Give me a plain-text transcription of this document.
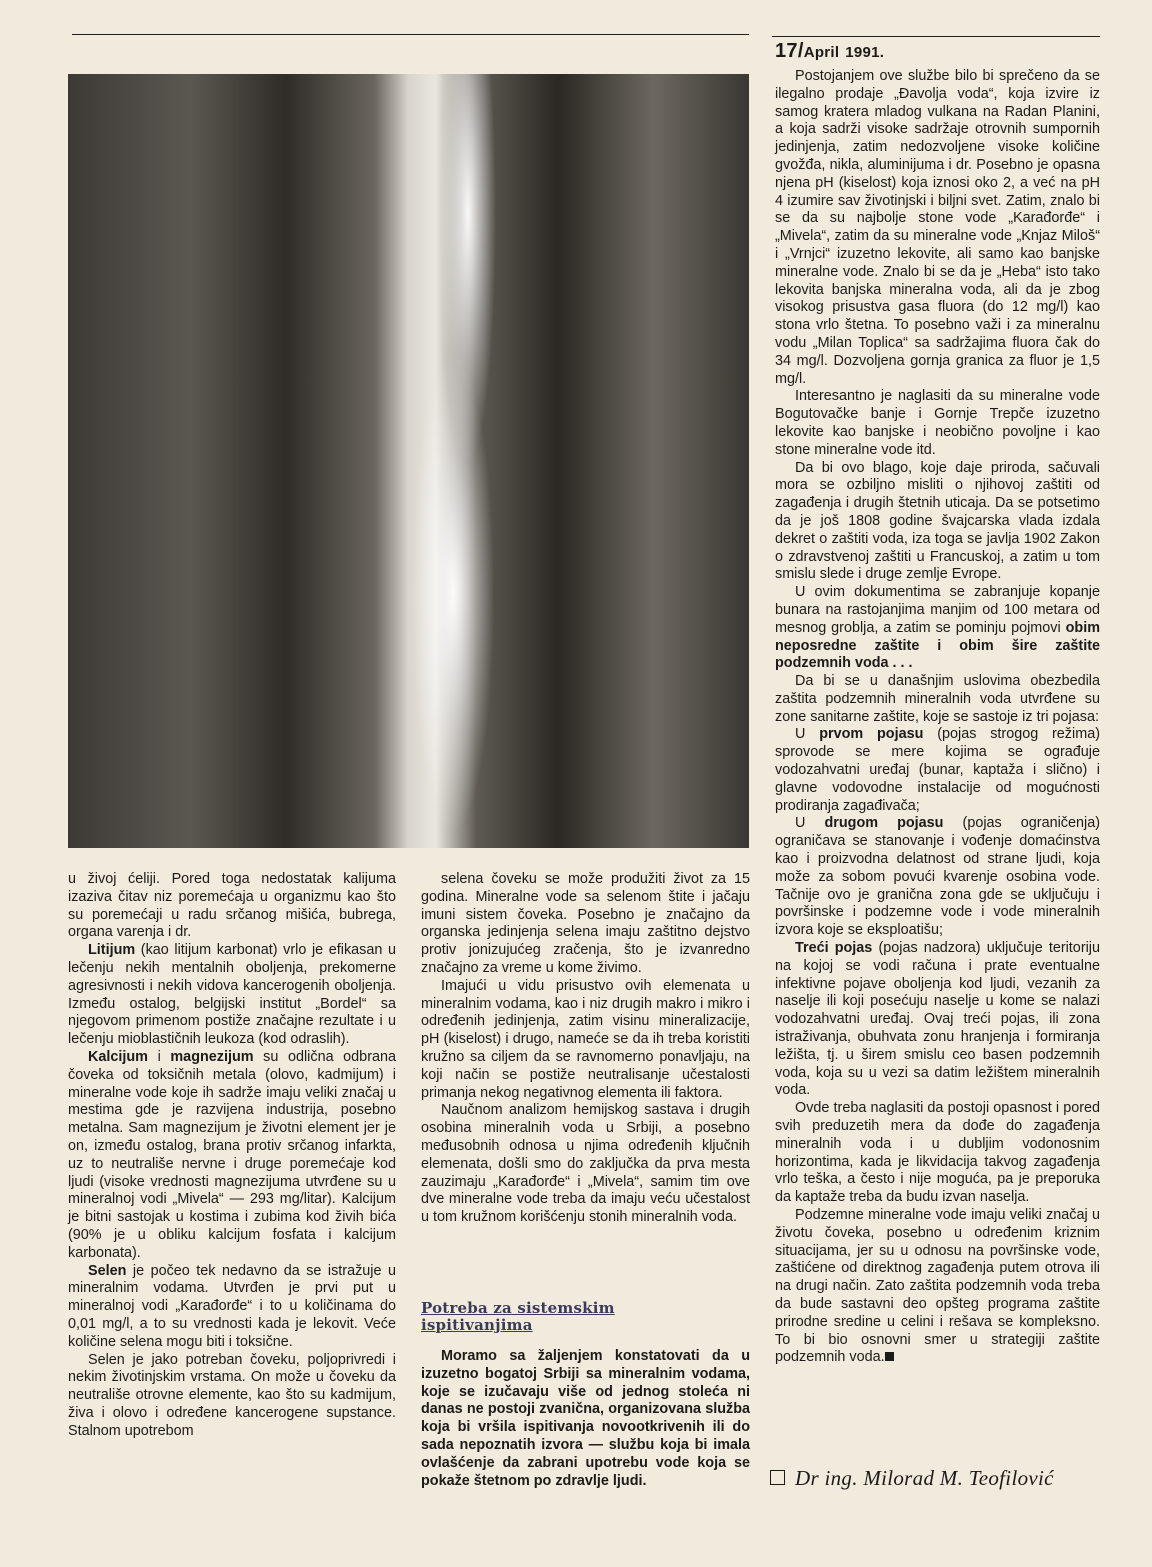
17/April 1991.

u živoj ćeliji. Pored toga nedostatak kalijuma izaziva čitav niz poremećaja u organizmu kao što su poremećaji u radu srčanog mišića, bubrega, organa varenja i dr.

Litijum (kao litijum karbonat) vrlo je efikasan u lečenju nekih mentalnih oboljenja, prekomerne agresivnosti i nekih vidova kancerogenih oboljenja. Između ostalog, belgijski institut „Bordel“ sa njegovom primenom postiže značajne rezultate i u lečenju mioblastičnih leukoza (kod odraslih).

Kalcijum i magnezijum su odlična odbrana čoveka od toksičnih metala (olovo, kadmijum) i mineralne vode koje ih sadrže imaju veliki značaj u mestima gde je razvijena industrija, posebno metalna. Sam magnezijum je životni element jer je on, između ostalog, brana protiv srčanog infarkta, uz to neutrališe nervne i druge poremećaje kod ljudi (visoke vrednosti magnezijuma utvrđene su u mineralnoj vodi „Mivela“ — 293 mg/litar). Kalcijum je bitni sastojak u kostima i zubima kod živih bića (90% je u obliku kalcijum fosfata i kalcijum karbonata).

Selen je počeo tek nedavno da se istražuje u mineralnim vodama. Utvrđen je prvi put u mineralnoj vodi „Karađorđe“ i to u količinama do 0,01 mg/l, a to su vrednosti kada je lekovit. Veće količine selena mogu biti i toksične.

Selen je jako potreban čoveku, poljoprivredi i nekim životinjskim vrstama. On može u čoveku da neutrališe otrovne elemente, kao što su kadmijum, živa i olovo i određene kancerogene supstance. Stalnom upotrebom

selena čoveku se može produžiti život za 15 godina. Mineralne vode sa selenom štite i jačaju imuni sistem čoveka. Posebno je značajno da organska jedinjenja selena imaju zaštitno dejstvo protiv jonizujućeg zračenja, što je izvanredno značajno za vreme u kome živimo.

Imajući u vidu prisustvo ovih elemenata u mineralnim vodama, kao i niz drugih makro i mikro i određenih jedinjenja, zatim visinu mineralizacije, pH (kiselost) i drugo, nameće se da ih treba koristiti kružno sa ciljem da se ravnomerno ponavljaju, na koji način se postiže neutralisanje učestalosti primanja nekog negativnog elementa ili faktora.

Naučnom analizom hemijskog sastava i drugih osobina mineralnih voda u Srbiji, a posebno međusobnih odnosa u njima određenih ključnih elemenata, došli smo do zaključka da prva mesta zauzimaju „Karađorđe“ i „Mivela“, samim tim ove dve mineralne vode treba da imaju veću učestalost u tom kružnom korišćenju stonih mineralnih voda.

Potreba za sistemskim ispitivanjima

Moramo sa žaljenjem konstatovati da u izuzetno bogatoj Srbiji sa mineralnim vodama, koje se izučavaju više od jednog stoleća ni danas ne postoji zvanična, organizovana služba koja bi vršila ispitivanja novootkrivenih ili do sada nepoznatih izvora — službu koja bi imala ovlašćenje da zabrani upotrebu vode koja se pokaže štetnom po zdravlje ljudi.

Postojanjem ove službe bilo bi sprečeno da se ilegalno prodaje „Đavolja voda“, koja izvire iz samog kratera mladog vulkana na Radan Planini, a koja sadrži visoke sadržaje otrovnih sumpornih jedinjenja, zatim nedozvoljene visoke količine gvožđa, nikla, aluminijuma i dr. Posebno je opasna njena pH (kiselost) koja iznosi oko 2, a već na pH 4 izumire sav životinjski i biljni svet. Zatim, znalo bi se da su najbolje stone vode „Karađorđe“ i „Mivela“, zatim da su mineralne vode „Knjaz Miloš“ i „Vrnjci“ izuzetno lekovite, ali samo kao banjske mineralne vode. Znalo bi se da je „Heba“ isto tako lekovita banjska mineralna voda, ali da je zbog visokog prisustva gasa fluora (do 12 mg/l) kao stona vrlo štetna. To posebno važi i za mineralnu vodu „Milan Toplica“ sa sadržajima fluora čak do 34 mg/l. Dozvoljena gornja granica za fluor je 1,5 mg/l.

Interesantno je naglasiti da su mineralne vode Bogutovačke banje i Gornje Trepče izuzetno lekovite kao banjske i neobično povoljne i kao stone mineralne vode itd.

Da bi ovo blago, koje daje priroda, sačuvali mora se ozbiljno misliti o njihovoj zaštiti od zagađenja i drugih štetnih uticaja. Da se potsetimo da je još 1808 godine švajcarska vlada izdala dekret o zaštiti voda, iza toga se javlja 1902 Zakon o zdravstvenoj zaštiti u Francuskoj, a zatim u tom smislu slede i druge zemlje Evrope.

U ovim dokumentima se zabranjuje kopanje bunara na rastojanjima manjim od 100 metara od mesnog groblja, a zatim se pominju pojmovi obim neposredne zaštite i obim šire zaštite podzemnih voda . . .

Da bi se u današnjim uslovima obezbedila zaštita podzemnih mineralnih voda utvrđene su zone sanitarne zaštite, koje se sastoje iz tri pojasa:

U prvom pojasu (pojas strogog režima) sprovode se mere kojima se ograđuje vodozahvatni uređaj (bunar, kaptaža i slično) i glavne vodovodne instalacije od mogućnosti prodiranja zagađivača;

U drugom pojasu (pojas ograničenja) ograničava se stanovanje i vođenje domaćinstva kao i proizvodna delatnost od strane ljudi, koja može za sobom povući kvarenje osobina vode. Tačnije ovo je granična zona gde se uključuju i površinske i podzemne vode i vode mineralnih izvora koje se eksploatišu;

Treći pojas (pojas nadzora) uključuje teritoriju na kojoj se vodi računa i prate eventualne infektivne pojave oboljenja kod ljudi, vezanih za naselje ili koji posećuju naselje u kome se nalazi vodozahvatni uređaj. Ovaj treći pojas, ili zona istraživanja, obuhvata zonu hranjenja i formiranja ležišta, tj. u širem smislu ceo basen podzemnih voda, koja su u vezi sa datim ležištem mineralnih voda.

Ovde treba naglasiti da postoji opasnost i pored svih preduzetih mera da dođe do zagađenja mineralnih voda i u dubljim vodonosnim horizontima, kada je likvidacija takvog zagađenja vrlo teška, a često i nije moguća, pa je preporuka da kaptaže treba da budu izvan naselja.

Podzemne mineralne vode imaju veliki značaj u životu čoveka, posebno u određenim kriznim situacijama, jer su u odnosu na površinske vode, zaštićene od direktnog zagađenja putem otrova ili na drugi način. Zato zaštita podzemnih voda treba da bude sastavni deo opšteg programa zaštite prirodne sredine u celini i rešava se kompleksno. To bi bio osnovni smer u strategiji zaštite podzemnih voda.

Dr ing. Milorad M. Teofilović
